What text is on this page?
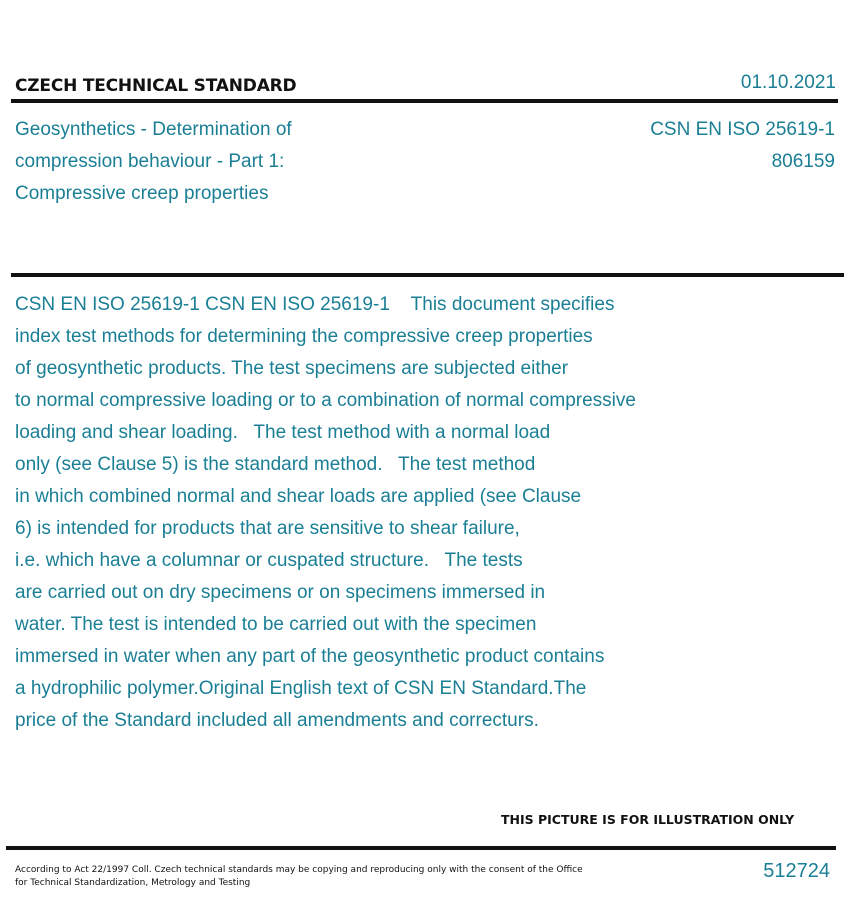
CZECH TECHNICAL STANDARD	01.10.2021
Geosynthetics - Determination of
compression behaviour - Part 1:
Compressive creep properties
CSN EN ISO 25619-1
806159
CSN EN ISO 25619-1 CSN EN ISO 25619-1    This document specifies
index test methods for determining the compressive creep properties
of geosynthetic products. The test specimens are subjected either
to normal compressive loading or to a combination of normal compressive
loading and shear loading.   The test method with a normal load
only (see Clause 5) is the standard method.   The test method
in which combined normal and shear loads are applied (see Clause
6) is intended for products that are sensitive to shear failure,
i.e. which have a columnar or cuspated structure.   The tests
are carried out on dry specimens or on specimens immersed in
water. The test is intended to be carried out with the specimen
immersed in water when any part of the geosynthetic product contains
a hydrophilic polymer.Original English text of CSN EN Standard.The
price of the Standard included all amendments and correcturs.
THIS PICTURE IS FOR ILLUSTRATION ONLY
According to Act 22/1997 Coll. Czech technical standards may be copying and reproducing only with the consent of the Office
for Technical Standardization, Metrology and Testing
512724
